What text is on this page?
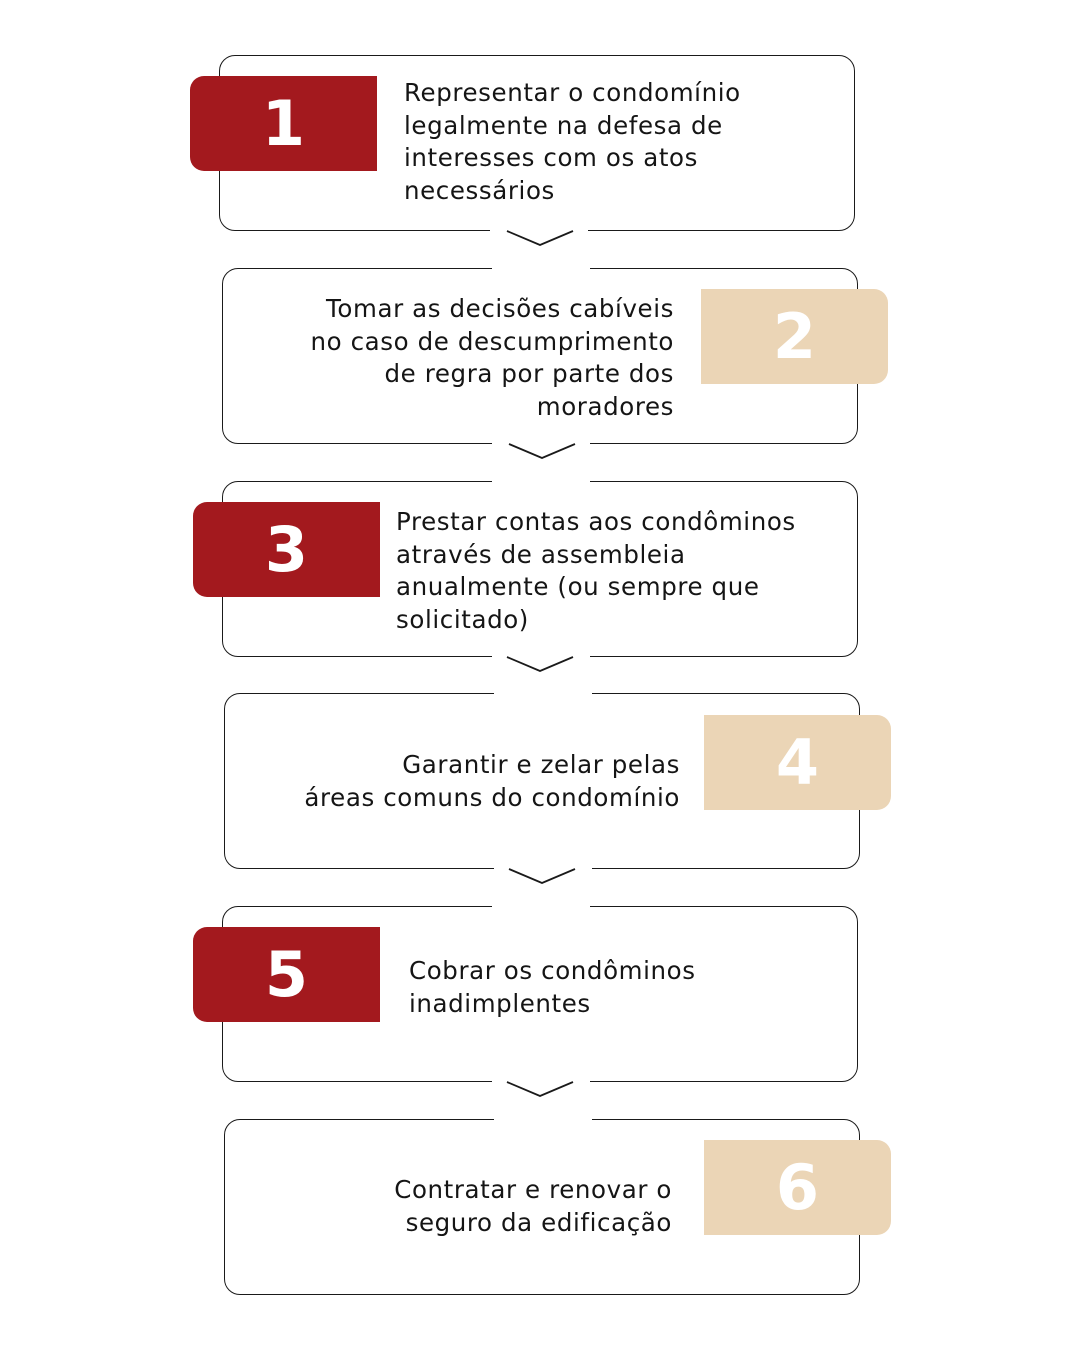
1	Representar o condomínio
legalmente na defesa de
interesses com os atos
necessários
2
Tomar as decisões cabíveis
no caso de descumprimento
de regra por parte dos
moradores
3	Prestar contas aos condôminos
através de assembleia
anualmente (ou sempre que
solicitado)
4
Garantir e zelar pelas
áreas comuns do condomínio
5	Cobrar os condôminos
inadimplentes
6
Contratar e renovar o
seguro da edificação
